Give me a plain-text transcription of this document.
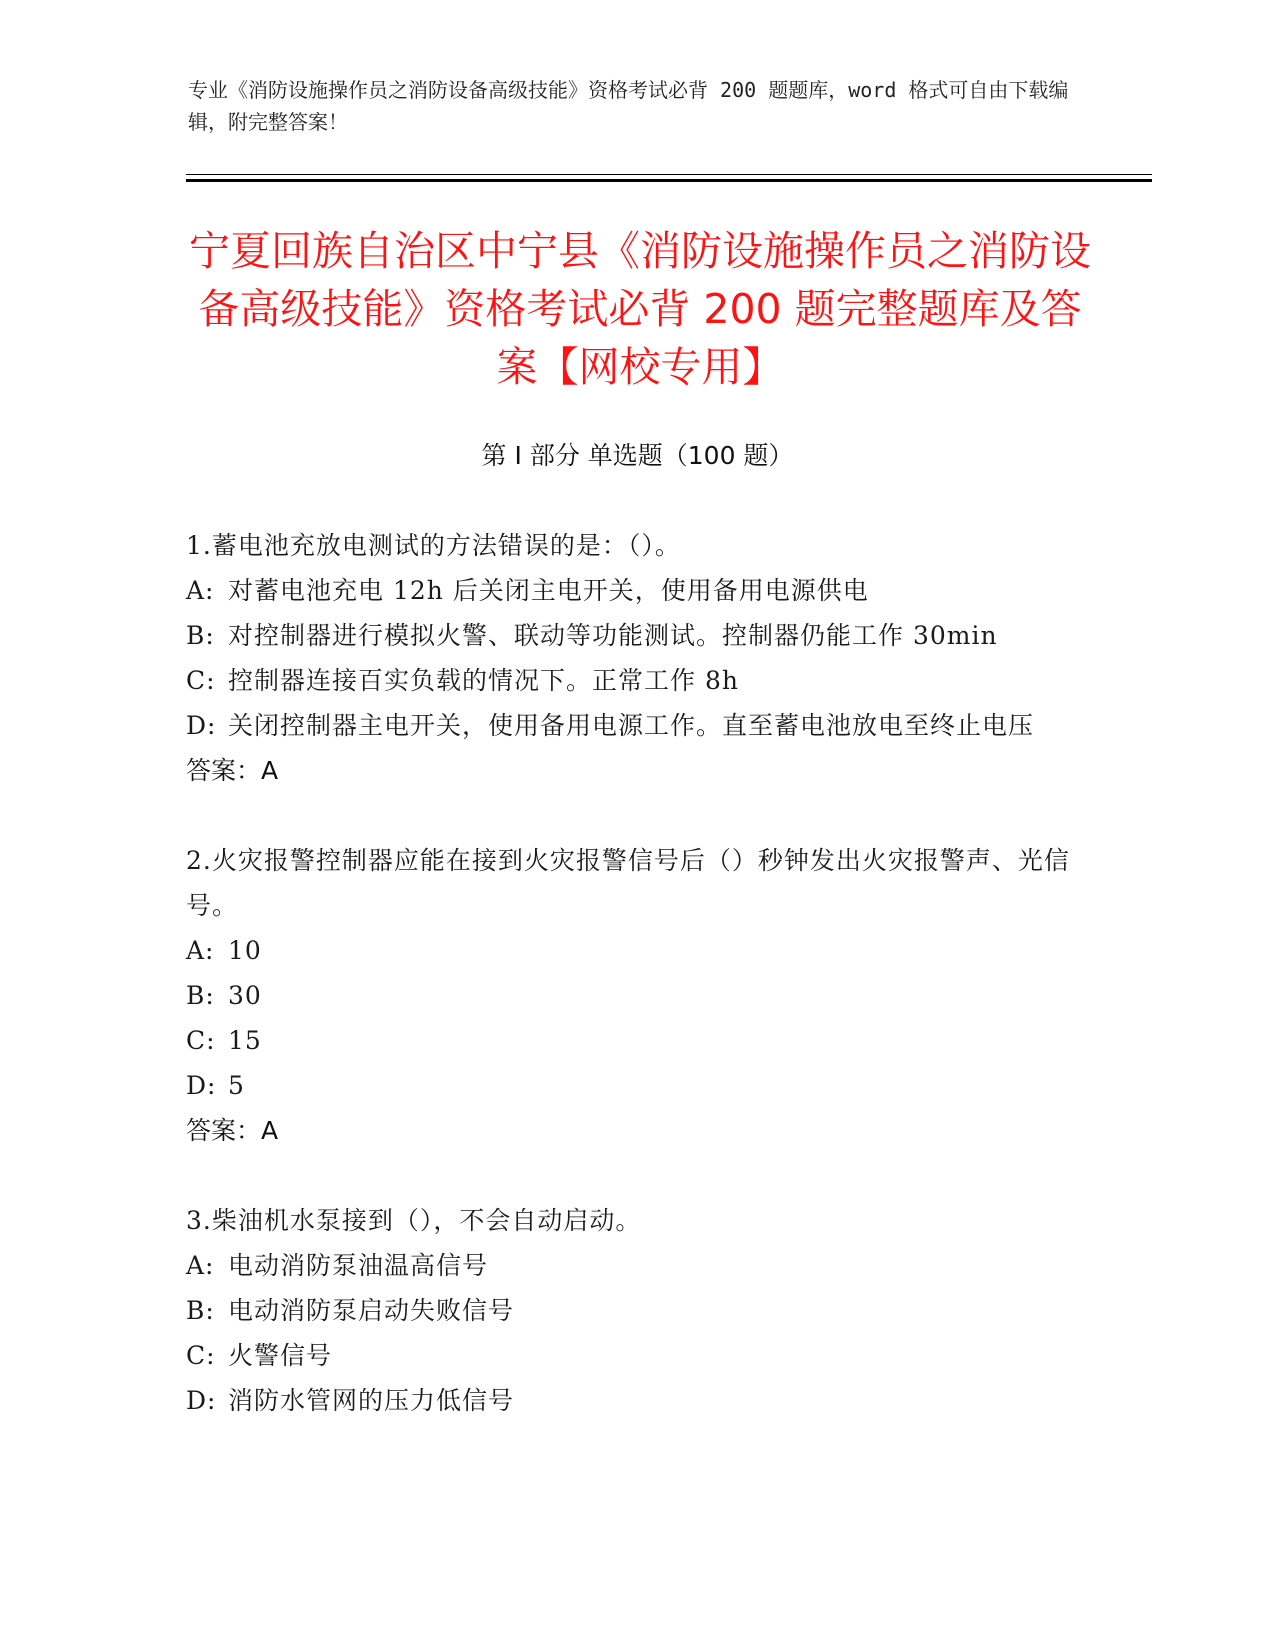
专业《消防设施操作员之消防设备高级技能》资格考试必背 200 题题库，word 格式可自由下载编辑，附完整答案！
宁夏回族自治区中宁县《消防设施操作员之消防设备高级技能》资格考试必背 200 题完整题库及答案【网校专用】
第 I 部分 单选题（100 题）
1.蓄电池充放电测试的方法错误的是：（）。
A: 对蓄电池充电 12h 后关闭主电开关，使用备用电源供电
B: 对控制器进行模拟火警、联动等功能测试。控制器仍能工作 30min
C: 控制器连接百实负载的情况下。正常工作 8h
D: 关闭控制器主电开关，使用备用电源工作。直至蓄电池放电至终止电压
答案：A
2.火灾报警控制器应能在接到火灾报警信号后（）秒钟发出火灾报警声、光信号。
A: 10
B: 30
C: 15
D: 5
答案：A
3.柴油机水泵接到（），不会自动启动。
A: 电动消防泵油温高信号
B: 电动消防泵启动失败信号
C: 火警信号
D: 消防水管网的压力低信号
